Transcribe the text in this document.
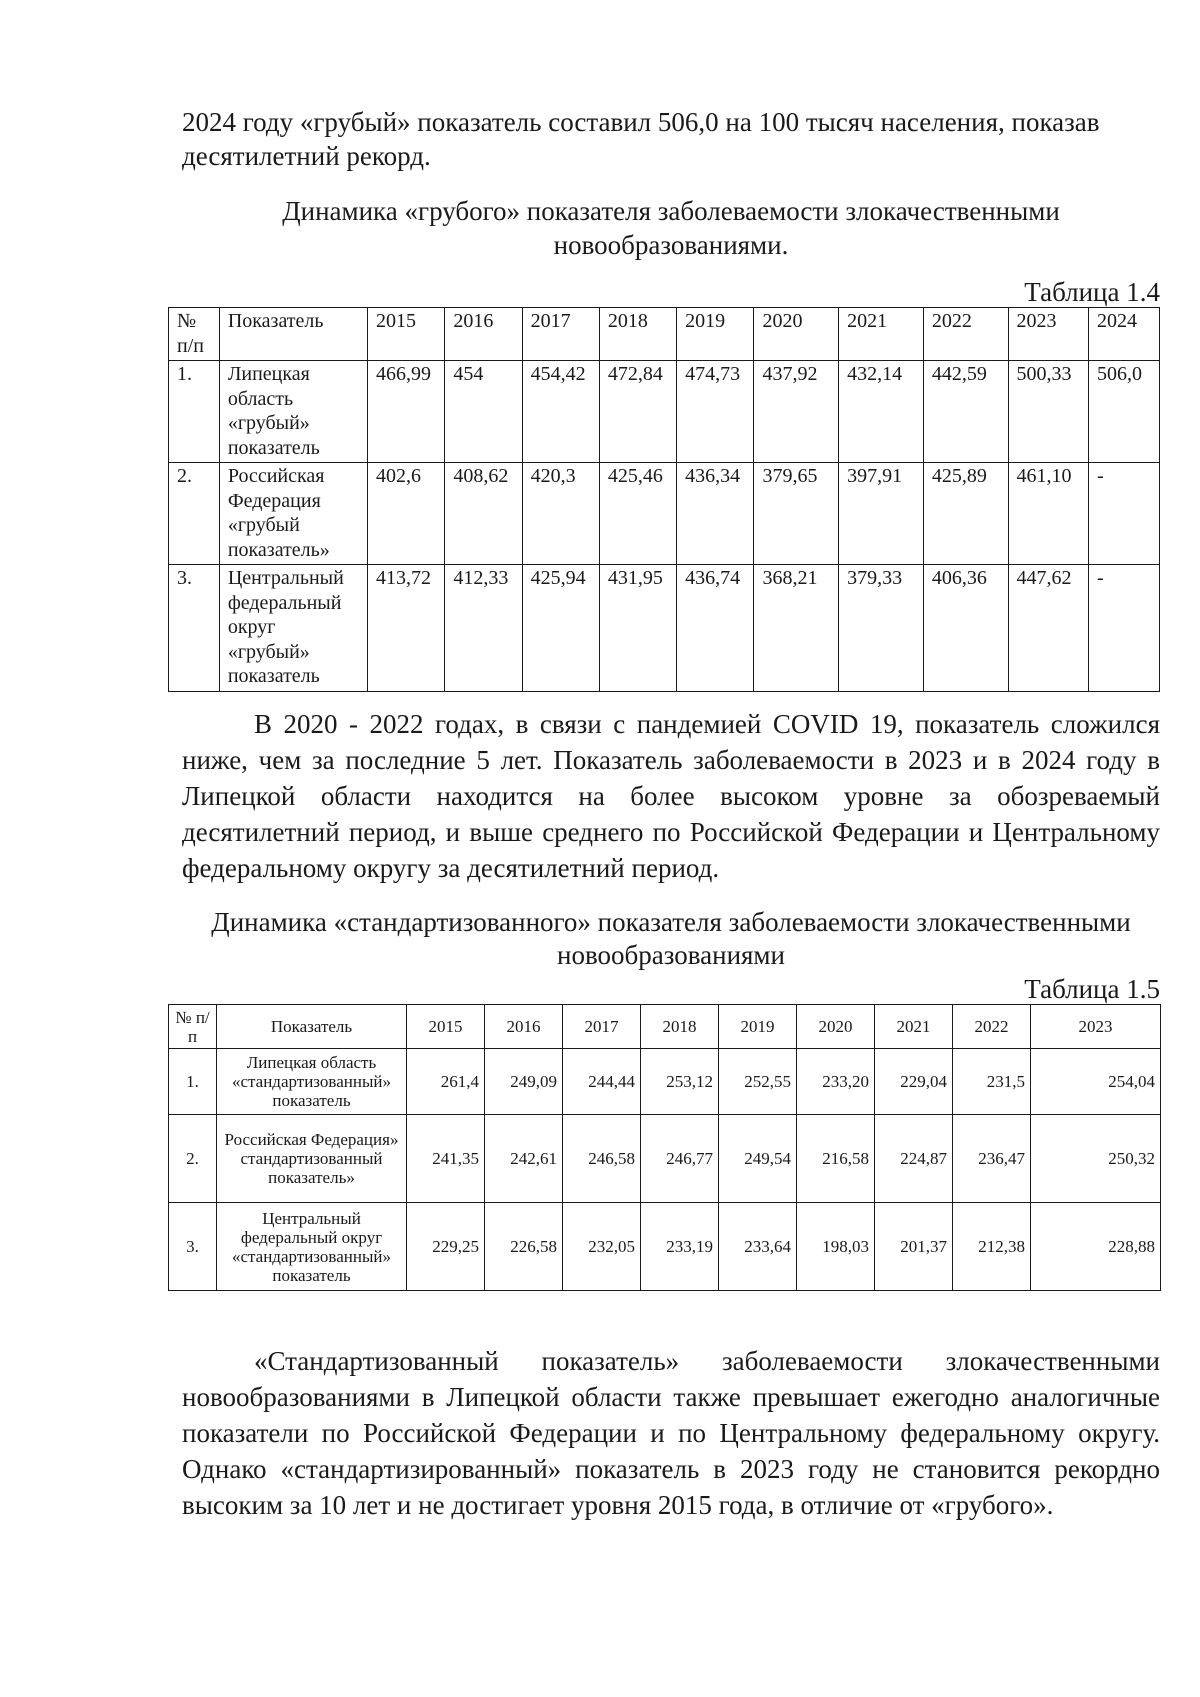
2024 году «грубый» показатель составил 506,0 на 100 тысяч населения, показав

десятилетний рекорд.

Динамика «грубого» показателя заболеваемости злокачественными

новообразованиями.

Таблица 1.4
№ п/п	Показатель	2015	2016	2017	2018	2019	2020	2021	2022	2023	2024
1.	Липецкая область «грубый» показатель	466,99	454	454,42	472,84	474,73	437,92	432,14	442,59	500,33	506,0
2.	Российская Федерация «грубый показатель»	402,6	408,62	420,3	425,46	436,34	379,65	397,91	425,89	461,10	-
3.	Центральный федеральный округ «грубый» показатель	413,72	412,33	425,94	431,95	436,74	368,21	379,33	406,36	447,62	-

В 2020 - 2022 годах, в связи с пандемией COVID 19, показатель сложился ниже, чем за последние 5 лет. Показатель заболеваемости в 2023 и в 2024 году в Липецкой области находится на более высоком уровне за обозреваемый десятилетний период, и выше среднего по Российской Федерации и Центральному федеральному округу за десятилетний период.

Динамика «стандартизованного» показателя заболеваемости злокачественными

новообразованиями

Таблица 1.5
№ п/п	Показатель	2015	2016	2017	2018	2019	2020	2021	2022	2023
1.	Липецкая область «стандартизованный» показатель	261,4	249,09	244,44	253,12	252,55	233,20	229,04	231,5	254,04
2.	Российская Федерация» стандартизованный показатель»	241,35	242,61	246,58	246,77	249,54	216,58	224,87	236,47	250,32
3.	Центральный федеральный округ «стандартизованный» показатель	229,25	226,58	232,05	233,19	233,64	198,03	201,37	212,38	228,88

«Стандартизованный показатель» заболеваемости злокачественными новообразованиями в Липецкой области также превышает ежегодно аналогичные показатели по Российской Федерации и по Центральному федеральному округу. Однако «стандартизированный» показатель в 2023 году не становится рекордно высоким за 10 лет и не достигает уровня 2015 года, в отличие от «грубого».
